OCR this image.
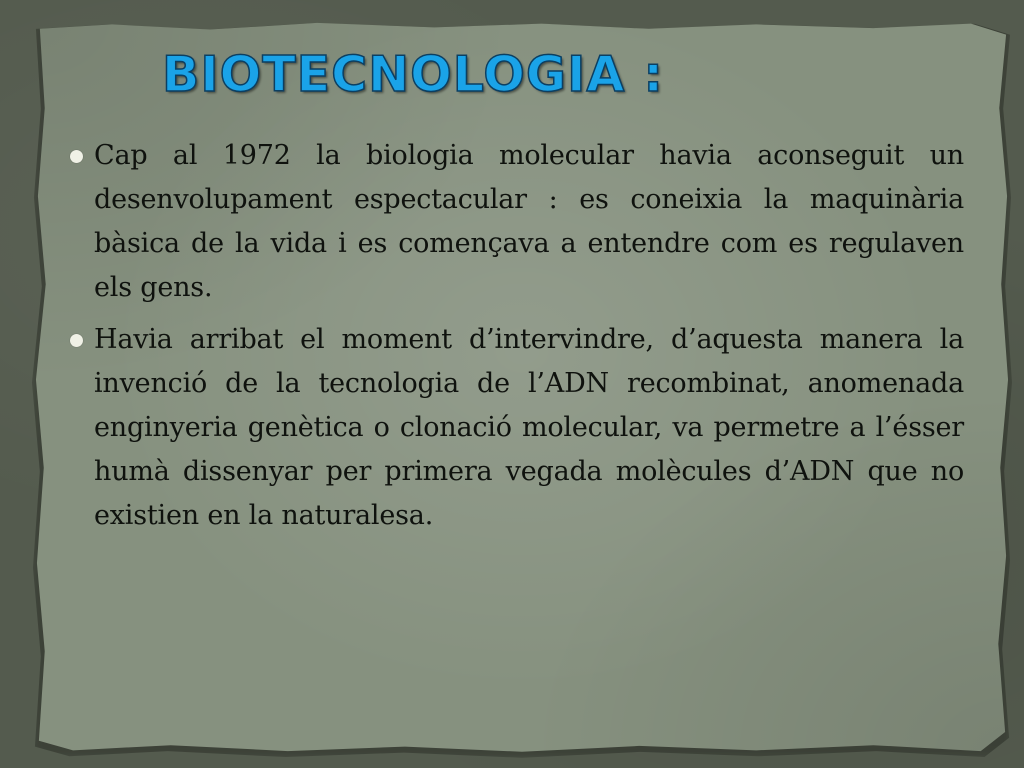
BIOTECNOLOGIA :
Cap al 1972 la biologia molecular havia aconseguit un desenvolupament espectacular : es coneixia la maquinària bàsica de la vida i es començava a entendre com es regulaven els gens.
Havia arribat el moment d’intervindre, d’aquesta manera la invenció de la tecnologia de l’ADN recombinat, anomenada enginyeria genètica o clonació molecular, va permetre a l’ésser humà dissenyar per primera vegada molècules d’ADN que no existien en la naturalesa.
